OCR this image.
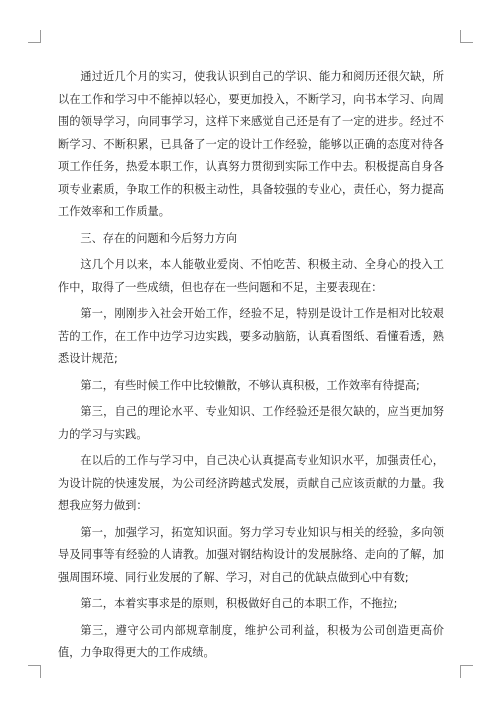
通过近几个月的实习，使我认识到自己的学识、能力和阅历还很欠缺，所以在工作和学习中不能掉以轻心，要更加投入，不断学习，向书本学习、向周围的领导学习，向同事学习，这样下来感觉自己还是有了一定的进步。经过不断学习、不断积累，已具备了一定的设计工作经验，能够以正确的态度对待各项工作任务，热爱本职工作，认真努力贯彻到实际工作中去。积极提高自身各项专业素质，争取工作的积极主动性，具备较强的专业心，责任心，努力提高工作效率和工作质量。

三、存在的问题和今后努力方向

这几个月以来，本人能敬业爱岗、不怕吃苦、积极主动、全身心的投入工作中，取得了一些成绩，但也存在一些问题和不足，主要表现在：

第一，刚刚步入社会开始工作，经验不足，特别是设计工作是相对比较艰苦的工作，在工作中边学习边实践，要多动脑筋，认真看图纸、看懂看透，熟悉设计规范;

第二，有些时候工作中比较懒散，不够认真积极，工作效率有待提高;

第三，自己的理论水平、专业知识、工作经验还是很欠缺的，应当更加努力的学习与实践。

在以后的工作与学习中，自己决心认真提高专业知识水平，加强责任心，为设计院的快速发展，为公司经济跨越式发展，贡献自己应该贡献的力量。我想我应努力做到：

第一，加强学习，拓宽知识面。努力学习专业知识与相关的经验，多向领导及同事等有经验的人请教。加强对钢结构设计的发展脉络、走向的了解，加强周围环境、同行业发展的了解、学习，对自己的优缺点做到心中有数;

第二，本着实事求是的原则，积极做好自己的本职工作，不拖拉;

第三，遵守公司内部规章制度，维护公司利益，积极为公司创造更高价值，力争取得更大的工作成绩。
